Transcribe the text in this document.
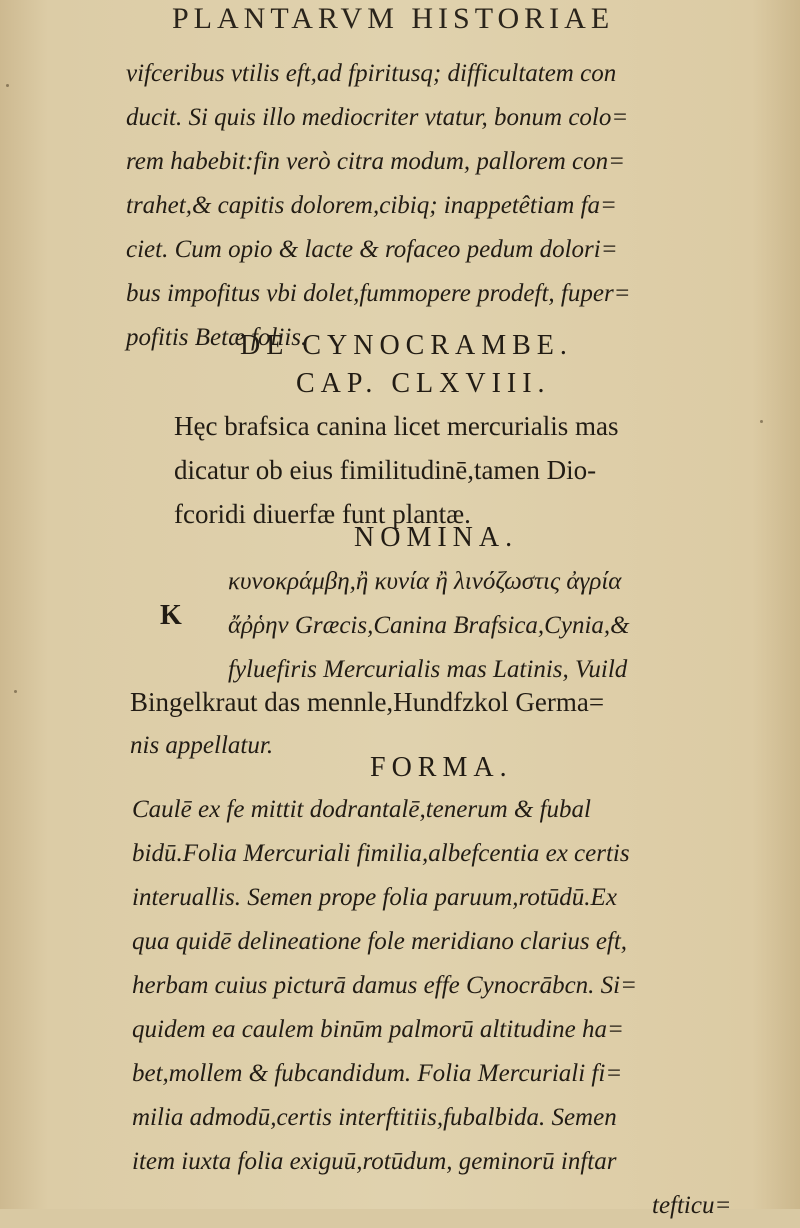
PLANTARVM HISTORIAE
vifceribus vtilis eft,ad fpiritusq; difficultatem con
ducit. Si quis illo mediocriter vtatur, bonum colo=
rem habebit:fin verò citra modum, pallorem con=
trahet,& capitis dolorem,cibiq; inappetêtiam fa=
ciet. Cum opio & lacte & rofaceo pedum dolori=
bus impofitus vbi dolet,fummopere prodeft, fuper=
pofitis Betæ foliis.
DE CYNOCRAMBE.
CAP. CLXVIII.
Hęc brafsica canina licet mercurialis mas
dicatur ob eius fimilitudinē,tamen Dio-
fcoridi diuerfæ funt plantæ.
NOMINA.
K
κυνοκράμβη,ἢ κυνία ἢ λινόζωστις ἀγρία
ἄῤῥην Græcis,Canina Brafsica,Cynia,&
fyluefiris Mercurialis mas Latinis, Vuild
Bingelkraut das mennle,Hundfzkol Germa=
nis appellatur.
FORMA.
Caulē ex fe mittit dodrantalē,tenerum & fubal
bidū.Folia Mercuriali fimilia,albefcentia ex certis
interuallis. Semen prope folia paruum,rotūdū.Ex
qua quidē delineatione fole meridiano clarius eft,
herbam cuius picturā damus effe Cynocrābcn. Si=
quidem ea caulem binūm palmorū altitudine ha=
bet,mollem & fubcandidum. Folia Mercuriali fi=
milia admodū,certis interftitiis,fubalbida. Semen
item iuxta folia exiguū,rotūdum, geminorū inftar
tefticu=
